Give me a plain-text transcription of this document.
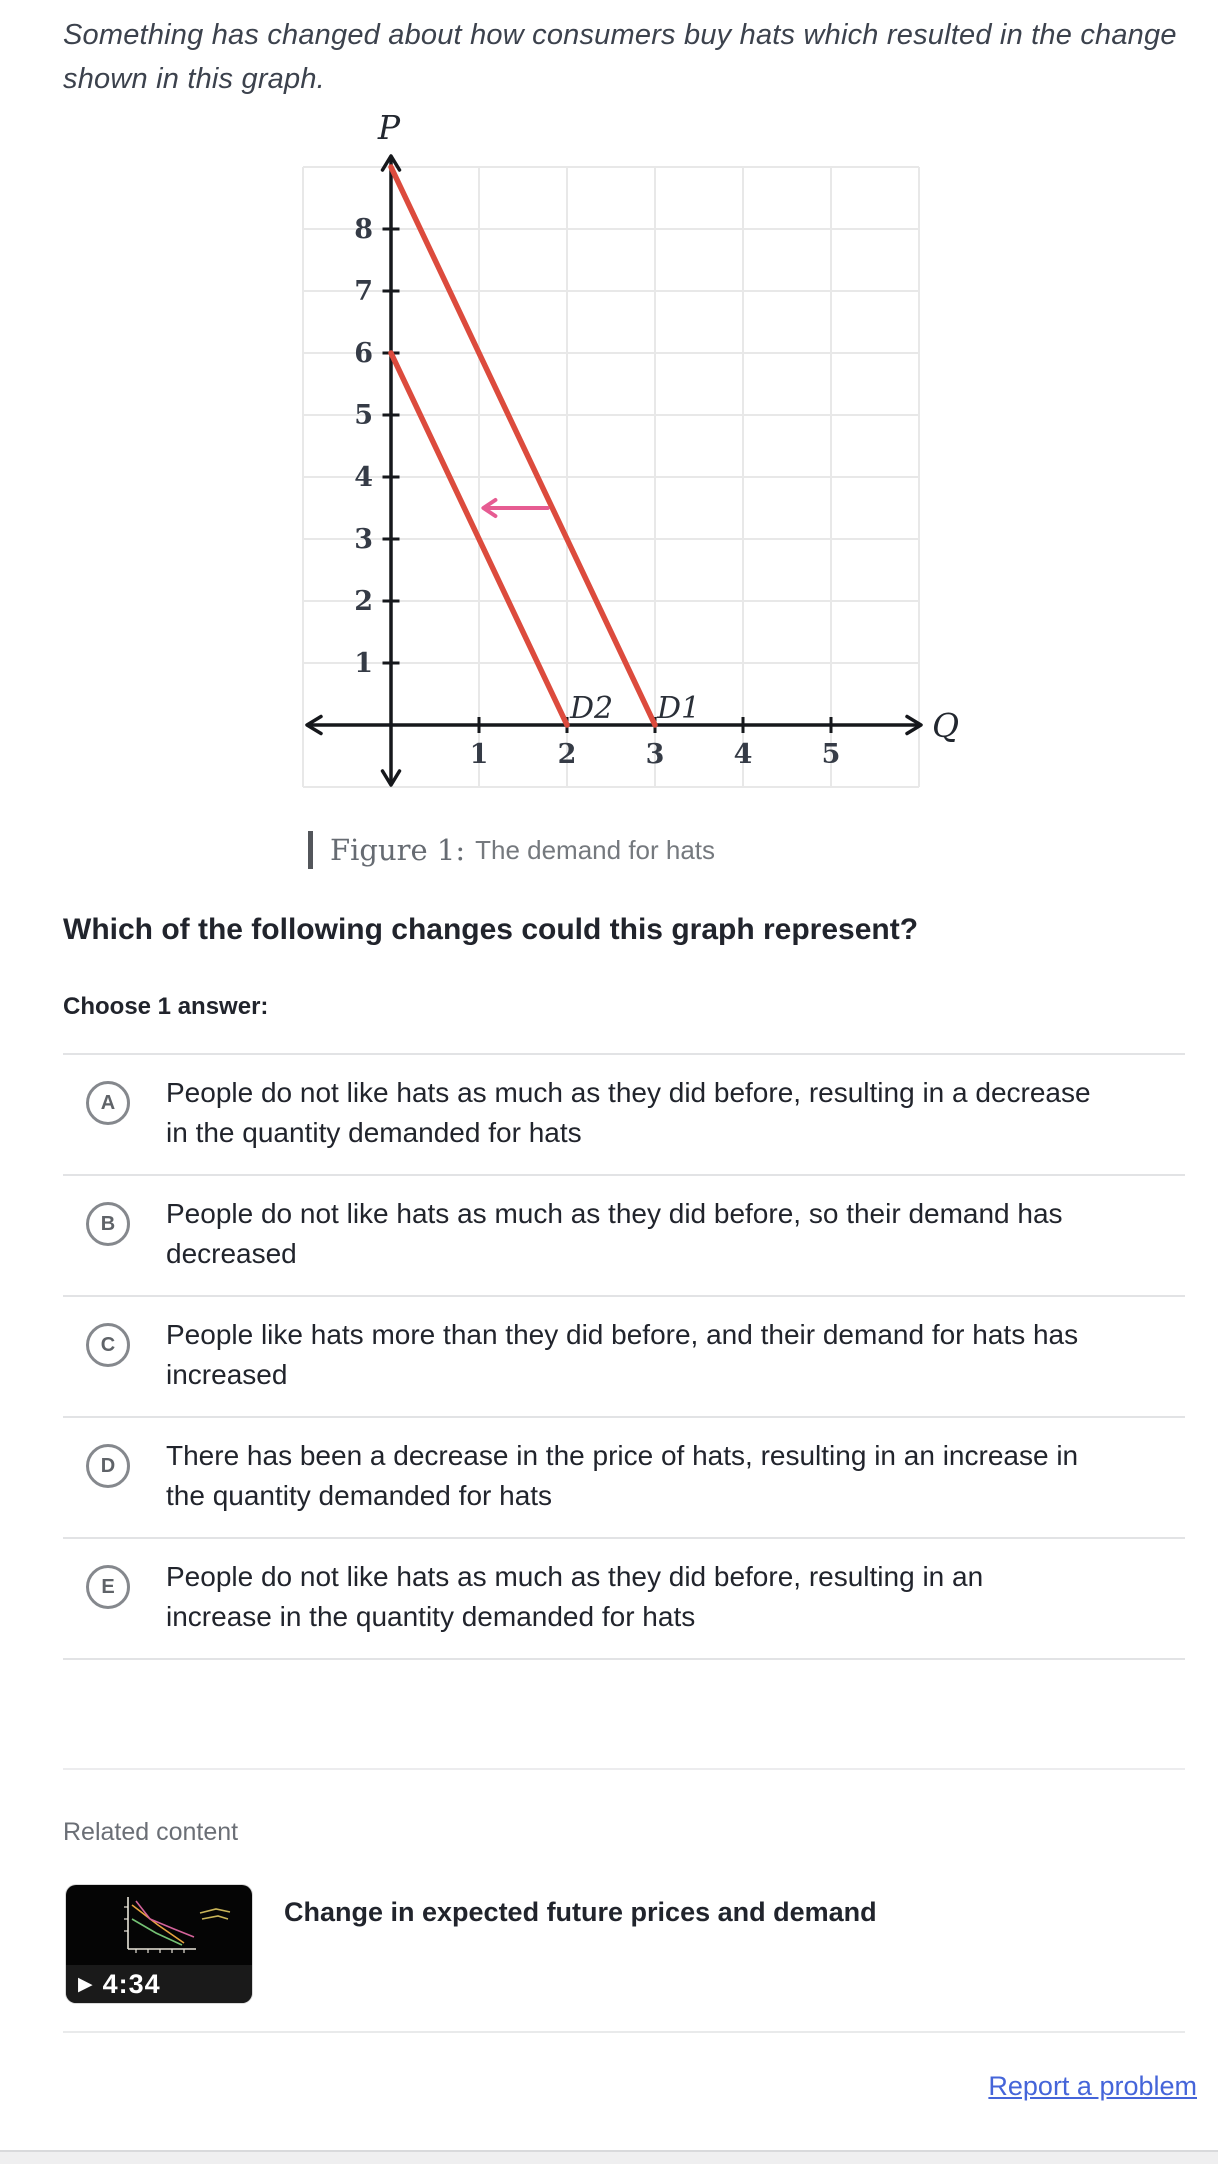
Something has changed about how consumers buy hats which resulted in the change shown in this graph.

8
7
6
5
4
3
2
1
1	2	3	4	5
P
Q
D2 D1
Figure 1: The demand for hats
Which of the following changes could this graph represent?
Choose 1 answer:
A People do not like hats as much as they did before, resulting in a decrease in the quantity demanded for hats

B People do not like hats as much as they did before, so their demand has decreased

C People like hats more than they did before, and their demand for hats has increased

D There has been a decrease in the price of hats, resulting in an increase in the quantity demanded for hats

E People do not like hats as much as they did before, resulting in an increase in the quantity demanded for hats

Related content
▶ 4:34
Change in expected future prices and demand
Report a problem
